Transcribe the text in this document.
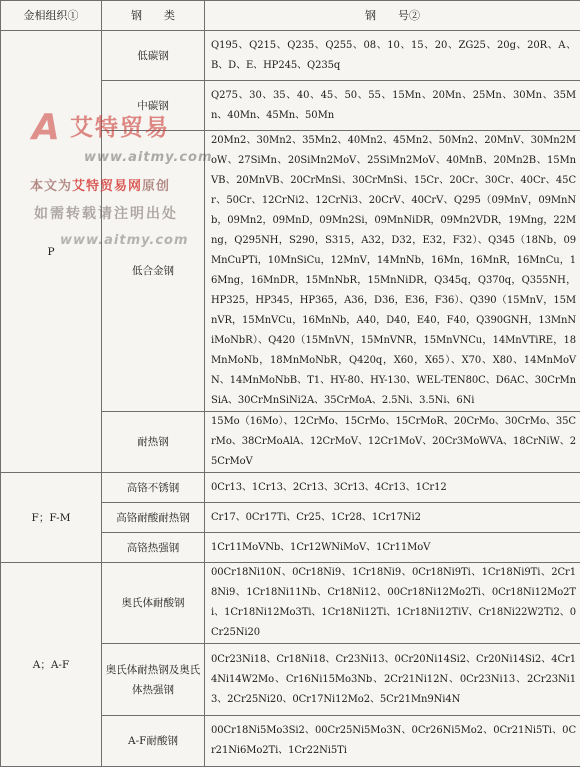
金相组织①	钢　　类	钢　　号②
P	低碳钢	Q195、Q215、Q235、Q255、08、10、15、20、ZG25、20g、20R、A、B、D、E、HP245、Q235q
	中碳钢	Q275、30、35、40、45、50、55、15Mn、20Mn、25Mn、30Mn、35Mn、40Mn、45Mn、50Mn
	低合金钢	20Mn2、30Mn2、35Mn2、40Mn2、45Mn2、50Mn2、20MnV、30Mn2MoW、27SiMn、20SiMn2MoV、25SiMn2MoV、40MnB、20Mn2B、15MnVB、20MnVB、20CrMnSi、30CrMnSi、15Cr、20Cr、30Cr、40Cr、45Cr、50Cr、12CrNi2、12CrNi3、20CrV、40CrV、Q295（09MnV，09MnNb，09Mn2，09MnD，09Mn2Si，09MnNiDR，09Mn2VDR，19Mng，22Mng，Q295NH，S290，S315，A32，D32，E32，F32）、Q345（18Nb，09MnCuPTi，10MnSiCu，12MnV，14MnNb，16Mn，16MnR，16MnCu，16Mng，16MnDR，15MnNbR，15MnNiDR，Q345q，Q370q，Q355NH，HP325，HP345，HP365，A36，D36，E36，F36）、Q390（15MnV，15MnVR，15MnVCu，16MnNb，A40，D40，E40，F40，Q390GNH，13MnNiMoNbR）、Q420（15MnVN，15MnVNR，15MnVNCu，14MnVTiRE，18MnMoNb，18MnMoNbR，Q420q，X60，X65）、X70、X80、14MnMoVN、14MnMoNbB、T1、HY-80、HY-130、WEL-TEN80C、D6AC、30CrMnSiA、30CrMnSiNi2A、35CrMoA、2.5Ni、3.5Ni、6Ni
	耐热钢	15Mo（16Mo）、12CrMo、15CrMo、15CrMoR、20CrMo、30CrMo、35CrMo、38CrMoAlA、12CrMoV、12Cr1MoV、20Cr3MoWVA、18CrNiW、25CrMoV
F；F-M	高铬不锈钢	0Cr13、1Cr13、2Cr13、3Cr13、4Cr13、1Cr12
	高铬耐酸耐热钢	Cr17、0Cr17Ti、Cr25、1Cr28、1Cr17Ni2
	高铬热强钢	1Cr11MoVNb、1Cr12WNiMoV、1Cr11MoV
A；A-F	奥氏体耐酸钢	00Cr18Ni10N、0Cr18Ni9、1Cr18Ni9、0Cr18Ni9Ti、1Cr18Ni9Ti、2Cr18Ni9、1Cr18Ni11Nb、Cr18Ni12、00Cr18Ni12Mo2Ti、0Cr18Ni12Mo2Ti、1Cr18Ni12Mo3Ti、1Cr18Ni12Ti、1Cr18Ni12TiV、Cr18Ni22W2Ti2、0Cr25Ni20
	奥氏体耐热钢及奥氏体热强钢	0Cr23Ni18、Cr18Ni18、Cr23Ni13、0Cr20Ni14Si2、Cr20Ni14Si2、4Cr14Ni14W2Mo、Cr16Ni15Mo3Nb、2Cr21Ni12N、0Cr23Ni13、2Cr23Ni13、2Cr25Ni20、0Cr17Ni12Mo2、5Cr21Mn9Ni4N
	A-F耐酸钢	00Cr18Ni5Mo3Si2、00Cr25Ni5Mo3N、0Cr26Ni5Mo2、0Cr21Ni5Ti、0Cr21Ni6Mo2Ti、1Cr22Ni5Ti
A 艾特贸易
www.aitmy.com
本文为艾特贸易网原创
如需转载请注明出处
www.aitmy.com
